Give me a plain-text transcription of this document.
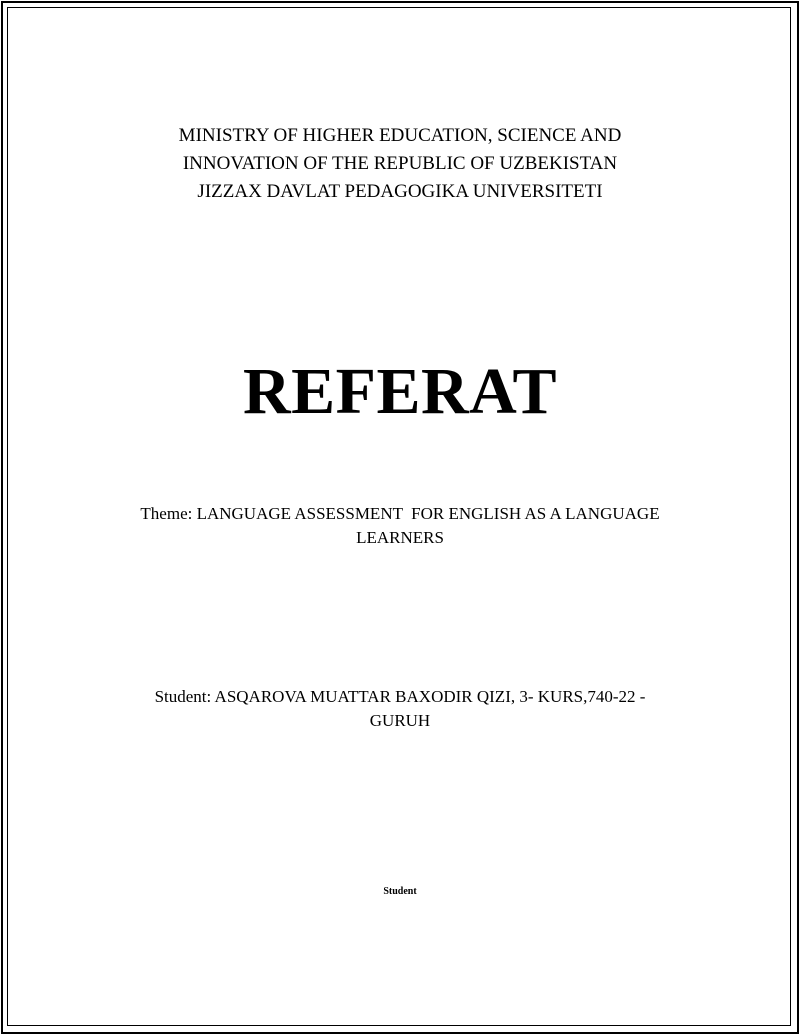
MINISTRY OF HIGHER EDUCATION, SCIENCE AND
INNOVATION OF THE REPUBLIC OF UZBEKISTAN
JIZZAX DAVLAT PEDAGOGIKA UNIVERSITETI
REFERAT
Theme: LANGUAGE ASSESSMENT  FOR ENGLISH AS A LANGUAGE
LEARNERS
Student: ASQAROVA MUATTAR BAXODIR QIZI, 3- KURS,740-22 -
GURUH
Student
